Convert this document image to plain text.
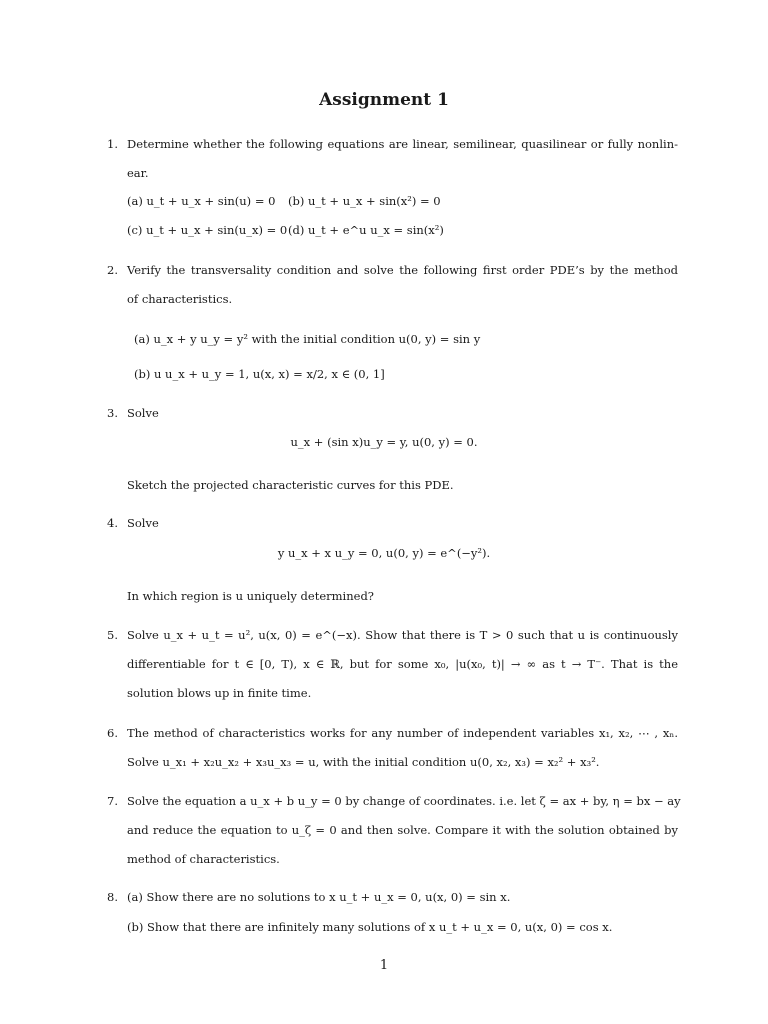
Assignment 1
1. Determine whether the following equations are linear, semilinear, quasilinear or fully nonlin-
ear.
(a) u_t + u_x + sin(u) = 0 (b) u_t + u_x + sin(x²) = 0
(c) u_t + u_x + sin(u_x) = 0 (d) u_t + e^u u_x = sin(x²)
2. Verify the transversality condition and solve the following first order PDE’s by the method
of characteristics.
(a) u_x + y u_y = y² with the initial condition u(0, y) = sin y
(b) u u_x + u_y = 1, u(x, x) = x/2, x ∈ (0, 1]
3. Solve
u_x + (sin x)u_y = y, u(0, y) = 0.
Sketch the projected characteristic curves for this PDE.
4. Solve
y u_x + x u_y = 0, u(0, y) = e^(−y²).
In which region is u uniquely determined?
5. Solve u_x + u_t = u², u(x, 0) = e^(−x). Show that there is T > 0 such that u is continuously
differentiable for t ∈ [0, T), x ∈ ℝ, but for some x₀, |u(x₀, t)| → ∞ as t → T⁻. That is the
solution blows up in finite time.
6. The method of characteristics works for any number of independent variables x₁, x₂, ⋯ , xₙ.
Solve u_x₁ + x₂u_x₂ + x₃u_x₃ = u, with the initial condition u(0, x₂, x₃) = x₂² + x₃².
7. Solve the equation a u_x + b u_y = 0 by change of coordinates. i.e. let ζ = ax + by, η = bx − ay
and reduce the equation to u_ζ = 0 and then solve. Compare it with the solution obtained by
method of characteristics.
8. (a) Show there are no solutions to x u_t + u_x = 0, u(x, 0) = sin x.
(b) Show that there are infinitely many solutions of x u_t + u_x = 0, u(x, 0) = cos x.
1
